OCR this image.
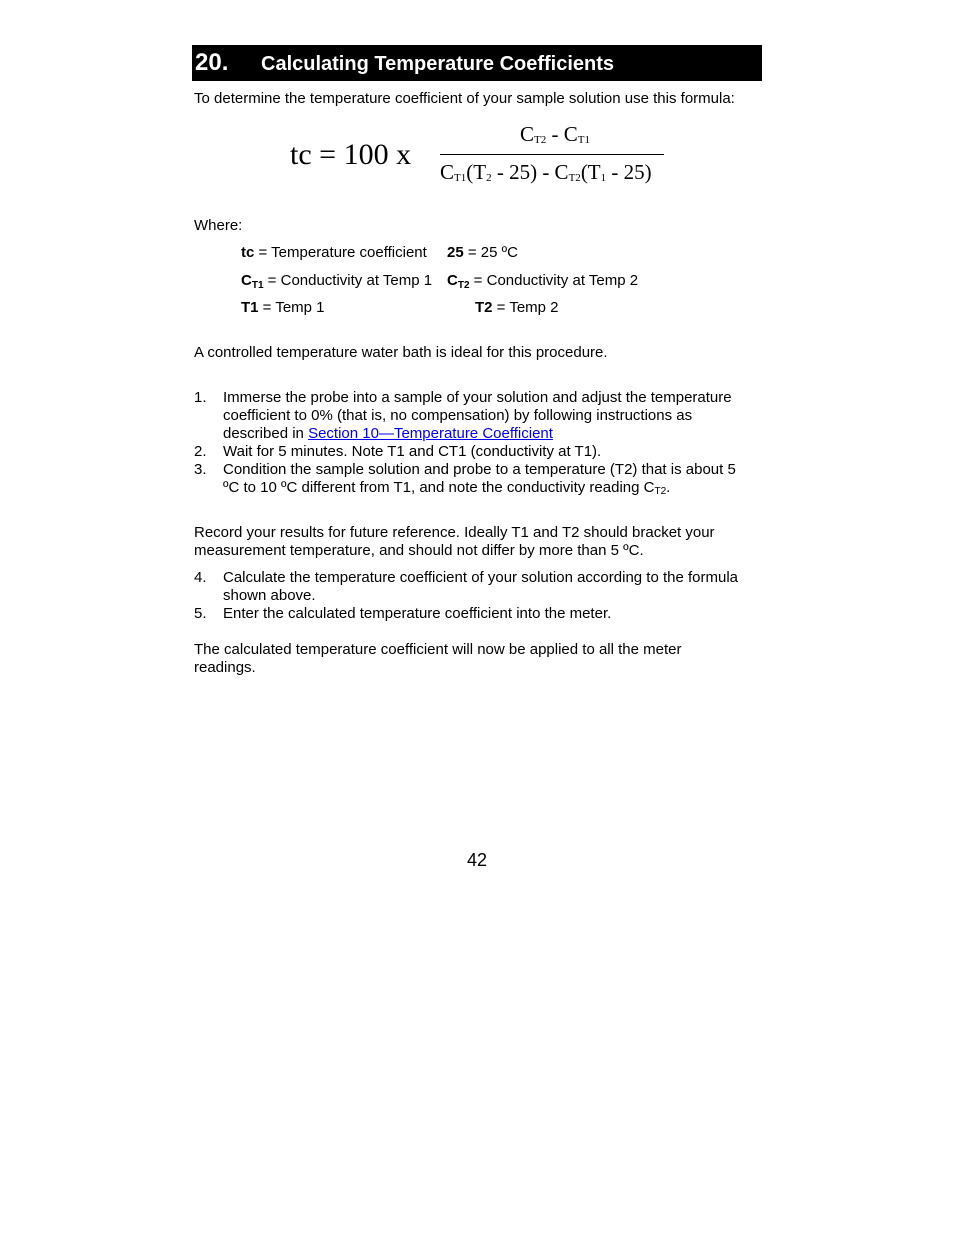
20. Calculating Temperature Coefficients

To determine the temperature coefficient of your sample solution use this formula:

tc = 100 x
$C_{T2} - C_{T1}$
$C_{T1}(T_2 - 25) - C_{T2}(T_1 - 25)$

Where:

tc = Temperature coefficient 25 = 25 ºC
$C_{T1}$ = Conductivity at Temp 1 $C_{T2}$ = Conductivity at Temp 2
T1 = Temp 1	T2 = Temp 2

A controlled temperature water bath is ideal for this procedure.

1. Immerse the probe into a sample of your solution and adjust the temperature
coefficient to 0% (that is, no compensation) by following instructions as
described in Section 10—Temperature Coefficient
2. Wait for 5 minutes. Note T1 and CT1 (conductivity at T1).
3. Condition the sample solution and probe to a temperature (T2) that is about 5
ºC to 10 ºC different from T1, and note the conductivity reading $C_{T2}$.
Record your results for future reference. Ideally T1 and T2 should bracket your
measurement temperature, and should not differ by more than 5 ºC.
4. Calculate the temperature coefficient of your solution according to the formula
shown above.
5. Enter the calculated temperature coefficient into the meter.
The calculated temperature coefficient will now be applied to all the meter
readings.
42
